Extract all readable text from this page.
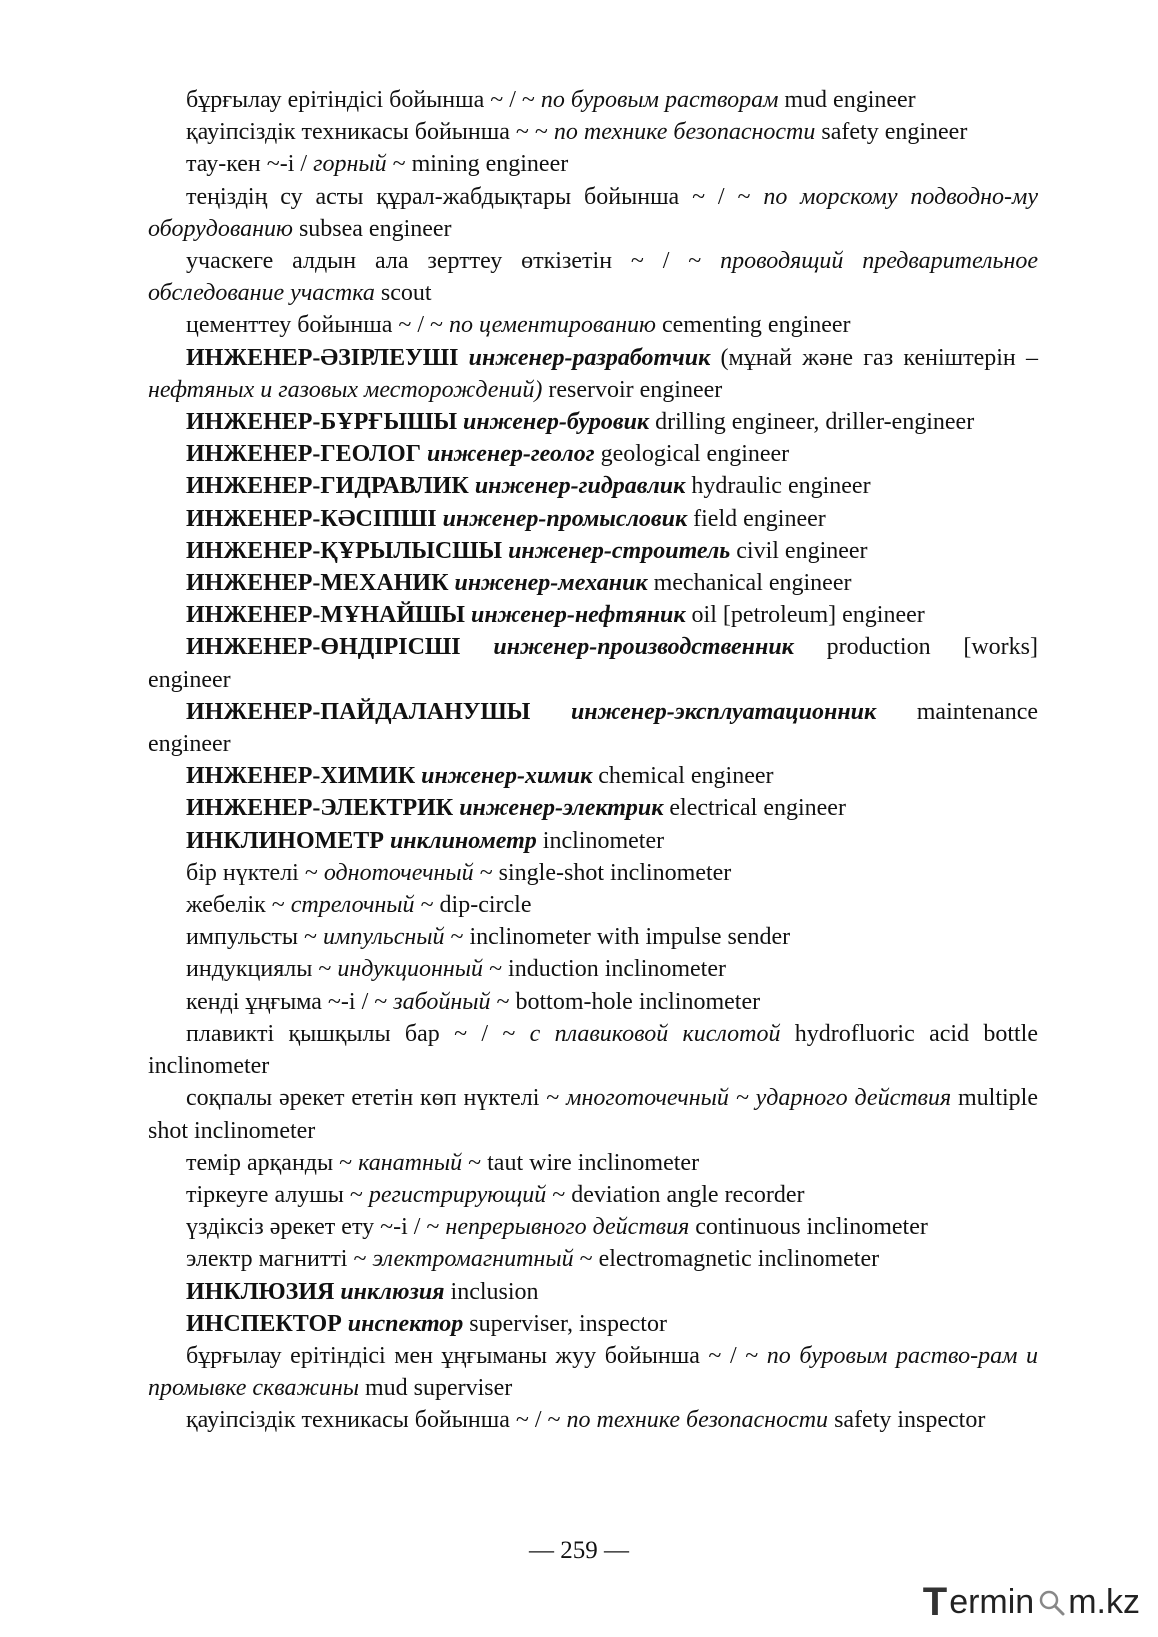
бұрғылау ерітіндісі бойынша ~ / ~ по буровым растворам mud engineer

қауіпсіздік техникасы бойынша ~ ~ по технике безопасности safety engineer

тау-кен ~-і / горный ~ mining engineer

теңіздің су асты құрал-жабдықтары бойынша ~ / ~ по морскому подводно-му оборудованию subsea engineer

учаскеге алдын ала зерттеу өткізетін ~ / ~ проводящий предварительное обследование участка scout

цементтеу бойынша ~ / ~ по цементированию cementing engineer

ИНЖЕНЕР-ӘЗІРЛЕУШІ инженер-разработчик (мұнай және газ кеніштерін – нефтяных и газовых месторождений) reservoir engineer

ИНЖЕНЕР-БҰРҒЫШЫ инженер-буровик drilling engineer, driller-engineer

ИНЖЕНЕР-ГЕОЛОГ инженер-геолог geological engineer

ИНЖЕНЕР-ГИДРАВЛИК инженер-гидравлик hydraulic engineer

ИНЖЕНЕР-КӘСІПШІ инженер-промысловик field engineer

ИНЖЕНЕР-ҚҰРЫЛЫСШЫ инженер-строитель civil engineer

ИНЖЕНЕР-МЕХАНИК инженер-механик mechanical engineer

ИНЖЕНЕР-МҰНАЙШЫ инженер-нефтяник oil [petroleum] engineer

ИНЖЕНЕР-ӨНДІРІСШІ инженер-производственник production [works] engineer

ИНЖЕНЕР-ПАЙДАЛАНУШЫ инженер-эксплуатационник maintenance engineer

ИНЖЕНЕР-ХИМИК инженер-химик chemical engineer

ИНЖЕНЕР-ЭЛЕКТРИК инженер-электрик electrical engineer

ИНКЛИНОМЕТР инклинометр inclinometer

бір нүктелі ~ одноточечный ~ single-shot inclinometer

жебелік ~ стрелочный ~ dip-circle

импульсты ~ импульсный ~ inclinometer with impulse sender

индукциялы ~ индукционный ~ induction inclinometer

кенді ұңғыма ~-і / ~ забойный ~ bottom-hole inclinometer

плавикті қышқылы бар ~ / ~ с плавиковой кислотой hydrofluoric acid bottle inclinometer

соқпалы әрекет ететін көп нүктелі ~ многоточечный ~ ударного действия multiple shot inclinometer

темір арқанды ~ канатный ~ taut wire inclinometer

тіркеуге алушы ~ регистрирующий ~ deviation angle recorder

үздіксіз әрекет ету ~-і / ~ непрерывного действия continuous inclinometer

электр магнитті ~ электромагнитный ~ electromagnetic inclinometer

ИНКЛЮЗИЯ инклюзия inclusion

ИНСПЕКТОР инспектор superviser, inspector

бұрғылау ерітіндісі мен ұңғыманы жуу бойынша ~ / ~ по буровым раство-рам и промывке скважины mud superviser

қауіпсіздік техникасы бойынша ~ / ~ по технике безопасности safety inspector

— 259 —
T ermin m.kz
